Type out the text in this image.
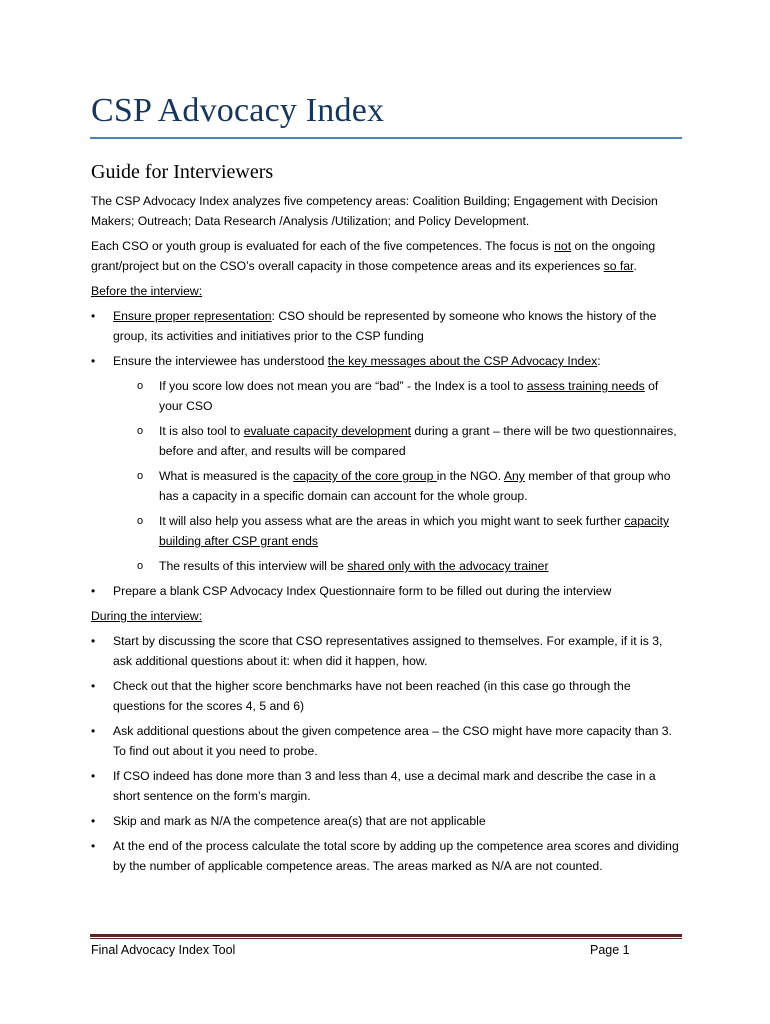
CSP Advocacy Index
Guide for Interviewers

The CSP Advocacy Index analyzes five competency areas: Coalition Building; Engagement with Decision Makers; Outreach; Data Research /Analysis /Utilization; and Policy Development.

Each CSO or youth group is evaluated for each of the five competences. The focus is not on the ongoing grant/project but on the CSO’s overall capacity in those competence areas and its experiences so far.

Before the interview:

•	Ensure proper representation: CSO should be represented by someone who knows the history of the group, its activities and initiatives prior to the CSP funding
•	Ensure the interviewee has understood the key messages about the CSP Advocacy Index:
o If you score low does not mean you are “bad” - the Index is a tool to assess training needs of your CSO
o It is also tool to evaluate capacity development during a grant – there will be two questionnaires, before and after, and results will be compared
o What is measured is the capacity of the core group in the NGO. Any member of that group who has a capacity in a specific domain can account for the whole group.
o It will also help you assess what are the areas in which you might want to seek further capacity building after CSP grant ends
o The results of this interview will be shared only with the advocacy trainer
•	Prepare a blank CSP Advocacy Index Questionnaire form to be filled out during the interview

During the interview:

•	Start by discussing the score that CSO representatives assigned to themselves. For example, if it is 3, ask additional questions about it: when did it happen, how.
•	Check out that the higher score benchmarks have not been reached (in this case go through the questions for the scores 4, 5 and 6)
•	Ask additional questions about the given competence area – the CSO might have more capacity than 3. To find out about it you need to probe.
•	If CSO indeed has done more than 3 and less than 4, use a decimal mark and describe the case in a short sentence on the form’s margin.
•	Skip and mark as N/A the competence area(s) that are not applicable
•	At the end of the process calculate the total score by adding up the competence area scores and dividing by the number of applicable competence areas. The areas marked as N/A are not counted.
Final Advocacy Index Tool	Page 1
